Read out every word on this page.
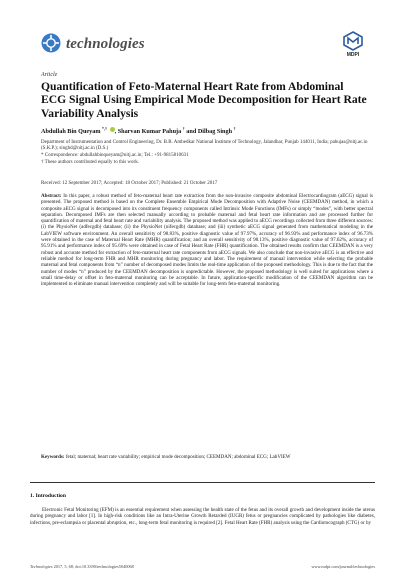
technologies
MDPI
Article
Quantification of Feto-Maternal Heart Rate from Abdominal ECG Signal Using Empirical Mode Decomposition for Heart Rate Variability Analysis
Abdullah Bin Queyam *,† , Sharvan Kumar Pahuja † and Dilbag Singh †
Department of Instrumentation and Control Engineering, Dr. B.R. Ambedkar National Institute of Technology, Jalandhar, Punjab 144011, India; pahujas@nitj.ac.in (S.K.P.); singhd@nitj.ac.in (D.S.)
* Correspondence: abdullahbinqueyam@nitj.ac.in; Tel.: +91-9815810631
† These authors contributed equally to this work.
Received: 12 September 2017; Accepted: 18 October 2017; Published: 21 October 2017
Abstract: In this paper, a robust method of feto-maternal heart rate extraction from the non-invasive composite abdominal Electrocardiogram (aECG) signal is presented. The proposed method is based on the Complete Ensemble Empirical Mode Decomposition with Adaptive Noise (CEEMDAN) method, in which a composite aECG signal is decomposed into its constituent frequency components called Intrinsic Mode Functions (IMFs) or simply “modes”, with better spectral separation. Decomposed IMFs are then selected manually according to probable maternal and fetal heart rate information and are processed further for quantification of maternal and fetal heart rate and variability analysis. The proposed method was applied to aECG recordings collected from three different sources: (i) the PhysioNet (adfecgdb) database; (ii) the PhysioNet (nifecgdb) database; and (iii) synthetic aECG signal generated from mathematical modeling in the LabVIEW software environment. An overall sensitivity of 98.83%, positive diagnostic value of 97.97%, accuracy of 96.93% and performance index of 96.73% were obtained in the case of Maternal Heart Rate (MHR) quantification; and an overall sensitivity of 98.13%, positive diagnostic value of 97.62%, accuracy of 95.91% and performance index of 95.69% were obtained in case of Fetal Heart Rate (FHR) quantification. The obtained results confirm that CEEMDAN is a very robust and accurate method for extraction of feto-maternal heart rate components from aECG signals. We also conclude that non-invasive aECG is an effective and reliable method for long-term FHR and MHR monitoring during pregnancy and labor. The requirement of manual intervention while selecting the probable maternal and fetal components from “n” number of decomposed modes limits the real-time application of the proposed methodology. This is due to the fact that the number of modes “n” produced by the CEEMDAN decomposition is unpredictable. However, the proposed methodology is well suited for applications where a small time-delay or offset in feto-maternal monitoring can be acceptable. In future, application-specific modification of the CEEMDAN algorithm can be implemented to eliminate manual intervention completely and will be suitable for long-term feto-maternal monitoring.
Keywords: fetal; maternal; heart rate variability; empirical mode decomposition; CEEMDAN; abdominal ECG; LabVIEW
1. Introduction
Electronic Fetal Monitoring (EFM) is an essential requirement when assessing the health state of the fetus and its overall growth and development inside the uterus during pregnancy and labor [1]. In high-risk conditions like an Intra-Uterine Growth Retarded (IUGR) fetus or pregnancies complicated by pathologies like diabetes, infections, pre-eclampsia or placental abruption, etc., long-term fetal monitoring is required [2]. Fetal Heart Rate (FHR) analysis using the Cardiotocograph (CTG) or by
Technologies 2017, 5, 68; doi:10.3390/technologies5040068	www.mdpi.com/journal/technologies
